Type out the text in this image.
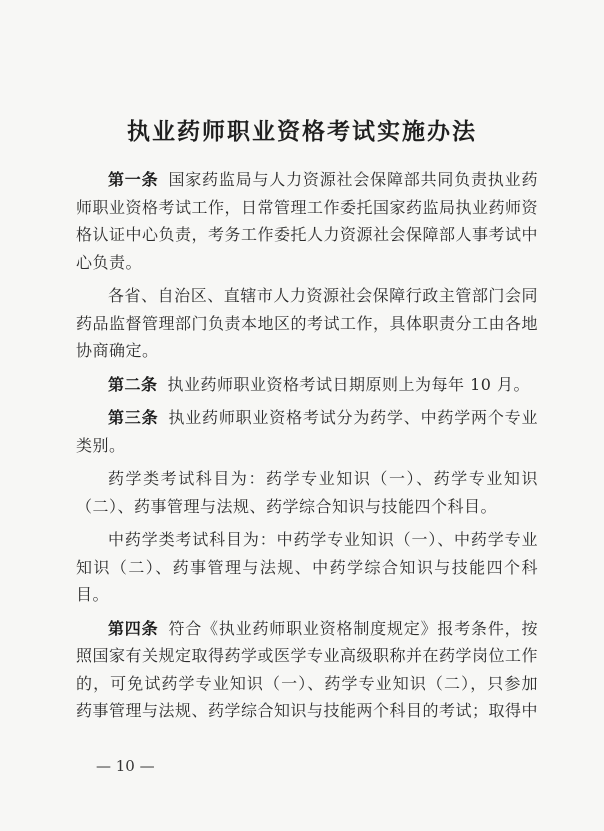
执业药师职业资格考试实施办法

第一条 国家药监局与人力资源社会保障部共同负责执业药师职业资格考试工作，日常管理工作委托国家药监局执业药师资格认证中心负责，考务工作委托人力资源社会保障部人事考试中心负责。

各省、自治区、直辖市人力资源社会保障行政主管部门会同药品监督管理部门负责本地区的考试工作，具体职责分工由各地协商确定。

第二条 执业药师职业资格考试日期原则上为每年 10 月。

第三条 执业药师职业资格考试分为药学、中药学两个专业类别。

药学类考试科目为：药学专业知识（一）、药学专业知识（二）、药事管理与法规、药学综合知识与技能四个科目。

中药学类考试科目为：中药学专业知识（一）、中药学专业知识（二）、药事管理与法规、中药学综合知识与技能四个科目。

第四条 符合《执业药师职业资格制度规定》报考条件，按照国家有关规定取得药学或医学专业高级职称并在药学岗位工作的，可免试药学专业知识（一）、药学专业知识（二），只参加药事管理与法规、药学综合知识与技能两个科目的考试；取得中

— 10 —
